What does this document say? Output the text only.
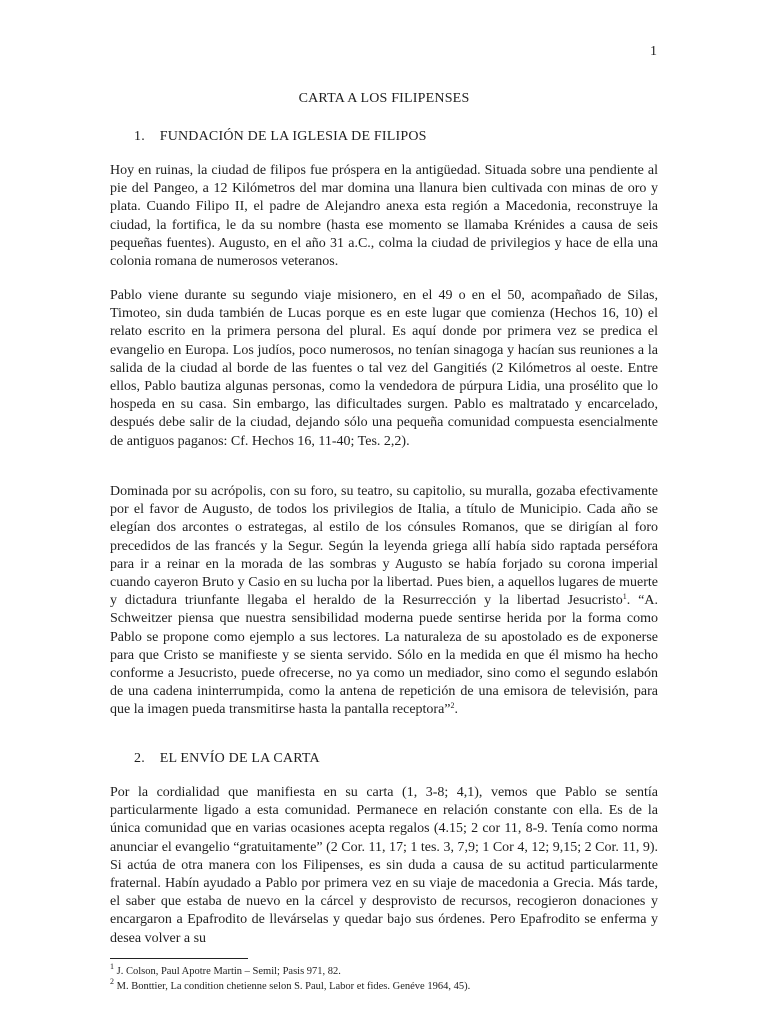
1
CARTA A LOS FILIPENSES
1. FUNDACIÓN DE LA IGLESIA DE FILIPOS

Hoy en ruinas, la ciudad de filipos fue próspera en la antigüedad. Situada sobre una pendiente al pie del Pangeo, a 12 Kilómetros del mar domina una llanura bien cultivada con minas de oro y plata. Cuando Filipo II, el padre de Alejandro anexa esta región a Macedonia, reconstruye la ciudad, la fortifica, le da su nombre (hasta ese momento se llamaba Krénides a causa de seis pequeñas fuentes). Augusto, en el año 31 a.C., colma la ciudad de privilegios y hace de ella una colonia romana de numerosos veteranos.

Pablo viene durante su segundo viaje misionero, en el 49 o en el 50, acompañado de Silas, Timoteo, sin duda también de Lucas porque es en este lugar que comienza (Hechos 16, 10) el relato escrito en la primera persona del plural. Es aquí donde por primera vez se predica el evangelio en Europa. Los judíos, poco numerosos, no tenían sinagoga y hacían sus reuniones a la salida de la ciudad al borde de las fuentes o tal vez del Gangitiés (2 Kilómetros al oeste. Entre ellos, Pablo bautiza algunas personas, como la vendedora de púrpura Lidia, una prosélito que lo hospeda en su casa. Sin embargo, las dificultades surgen. Pablo es maltratado y encarcelado, después debe salir de la ciudad, dejando sólo una pequeña comunidad compuesta esencialmente de antiguos paganos: Cf. Hechos 16, 11-40; Tes. 2,2).

Dominada por su acrópolis, con su foro, su teatro, su capitolio, su muralla, gozaba efectivamente por el favor de Augusto, de todos los privilegios de Italia, a título de Municipio. Cada año se elegían dos arcontes o estrategas, al estilo de los cónsules Romanos, que se dirigían al foro precedidos de las francés y la Segur. Según la leyenda griega allí había sido raptada perséfora para ir a reinar en la morada de las sombras y Augusto se había forjado su corona imperial cuando cayeron Bruto y Casio en su lucha por la libertad. Pues bien, a aquellos lugares de muerte y dictadura triunfante llegaba el heraldo de la Resurrección y la libertad Jesucristo$^1$. “A. Schweitzer piensa que nuestra sensibilidad moderna puede sentirse herida por la forma como Pablo se propone como ejemplo a sus lectores. La naturaleza de su apostolado es de exponerse para que Cristo se manifieste y se sienta servido. Sólo en la medida en que él mismo ha hecho conforme a Jesucristo, puede ofrecerse, no ya como un mediador, sino como el segundo eslabón de una cadena ininterrumpida, como la antena de repetición de una emisora de televisión, para que la imagen pueda transmitirse hasta la pantalla receptora”$^2$.

2. EL ENVÍO DE LA CARTA

Por la cordialidad que manifiesta en su carta (1, 3-8; 4,1), vemos que Pablo se sentía particularmente ligado a esta comunidad. Permanece en relación constante con ella. Es de la única comunidad que en varias ocasiones acepta regalos (4.15; 2 cor 11, 8-9. Tenía como norma anunciar el evangelio “gratuitamente” (2 Cor. 11, 17; 1 tes. 3, 7,9; 1 Cor 4, 12; 9,15; 2 Cor. 11, 9). Si actúa de otra manera con los Filipenses, es sin duda a causa de su actitud particularmente fraternal. Habín ayudado a Pablo por primera vez en su viaje de macedonia a Grecia. Más tarde, el saber que estaba de nuevo en la cárcel y desprovisto de recursos, recogieron donaciones y encargaron a Epafrodito de llevárselas y quedar bajo sus órdenes. Pero Epafrodito se enferma y desea volver a su

$^1$ J. Colson, Paul Apotre Martin – Semil; Pasis 971, 82.
$^2$ M. Bonttier, La condition chetienne selon S. Paul, Labor et fides. Genéve 1964, 45).
